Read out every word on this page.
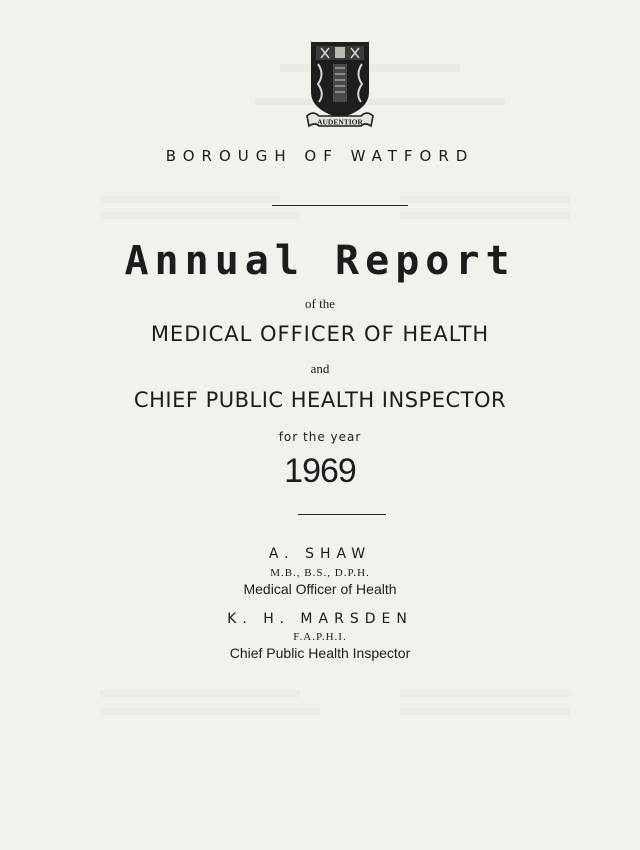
AUDENTIOR
BOROUGH OF WATFORD
Annual Report
of the
MEDICAL OFFICER OF HEALTH
and
CHIEF PUBLIC HEALTH INSPECTOR
for the year
1969
A. SHAW
M.B., B.S., D.P.H.
Medical Officer of Health
K. H. MARSDEN
F.A.P.H.I.
Chief Public Health Inspector
